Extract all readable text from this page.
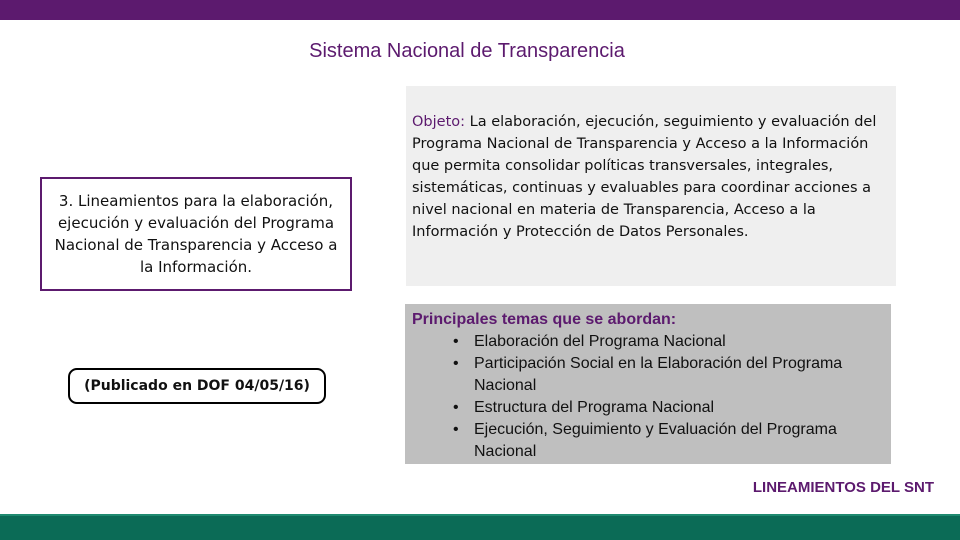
Sistema Nacional de Transparencia
3. Lineamientos para la elaboración, ejecución y evaluación del Programa Nacional de Transparencia y Acceso a la Información.
(Publicado en DOF 04/05/16)
Objeto: La elaboración, ejecución, seguimiento y evaluación del Programa Nacional de Transparencia y Acceso a la Información que permita consolidar políticas transversales, integrales, sistemáticas, continuas y evaluables para coordinar acciones a nivel nacional en materia de Transparencia, Acceso a la Información y Protección de Datos Personales.
Principales temas que se abordan:
• Elaboración del Programa Nacional
• Participación Social en la Elaboración del Programa Nacional
• Estructura del Programa Nacional
• Ejecución, Seguimiento y Evaluación del Programa Nacional
LINEAMIENTOS DEL SNT
